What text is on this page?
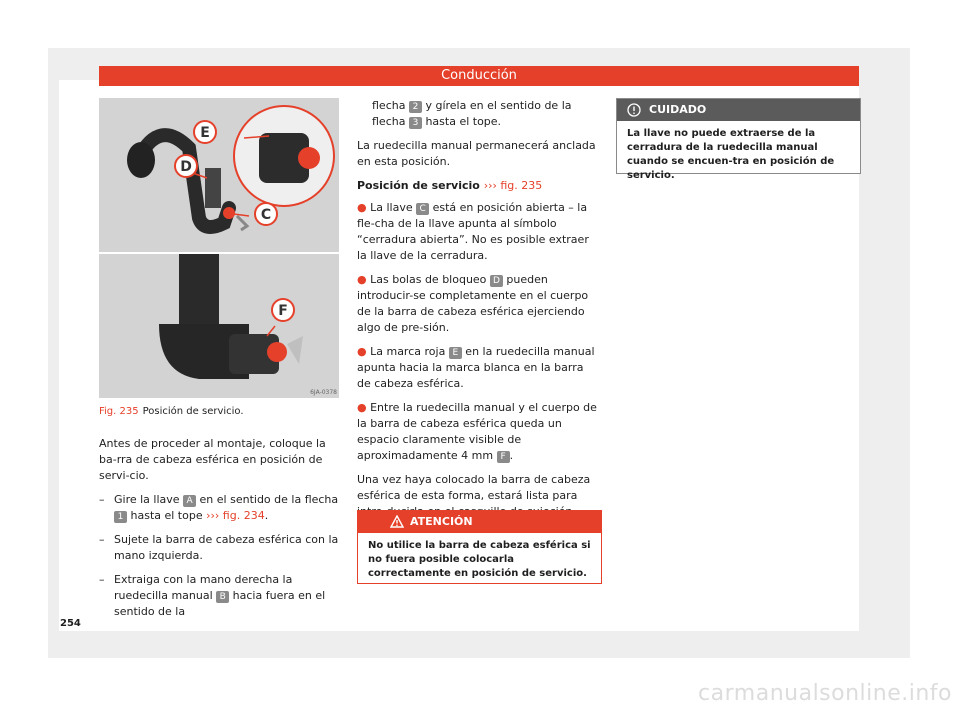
Conducción
E
D
C
F
6JA-0378
Fig. 235 Posición de servicio.

Antes de proceder al montaje, coloque la ba-rra de cabeza esférica en posición de servi-cio.

– Gire la llave A en el sentido de la flecha 1 hasta el tope ››› fig. 234.
– Sujete la barra de cabeza esférica con la mano izquierda.
– Extraiga con la mano derecha la ruedecilla manual B hacia fuera en el sentido de la

flecha 2 y gírela en el sentido de la flecha 3 hasta el tope.

La ruedecilla manual permanecerá anclada en esta posición.

Posición de servicio ››› fig. 235

● La llave C está en posición abierta – la fle-cha de la llave apunta al símbolo “cerradura abierta”. No es posible extraer la llave de la cerradura.

● Las bolas de bloqueo D pueden introducir-se completamente en el cuerpo de la barra de cabeza esférica ejerciendo algo de pre-sión.

● La marca roja E en la ruedecilla manual apunta hacia la marca blanca en la barra de cabeza esférica.

● Entre la ruedecilla manual y el cuerpo de la barra de cabeza esférica queda un espacio claramente visible de aproximadamente 4 mm F .

Una vez haya colocado la barra de cabeza esférica de esta forma, estará lista para

ATENCIÓN
No utilice la barra de cabeza esférica si no fuera posible colocarla correctamente en posición de servicio.
CUIDADO
La llave no puede extraerse de la cerradura de la ruedecilla manual cuando se encuen-tra en posición de servicio.
254
carmanualsonline.info
